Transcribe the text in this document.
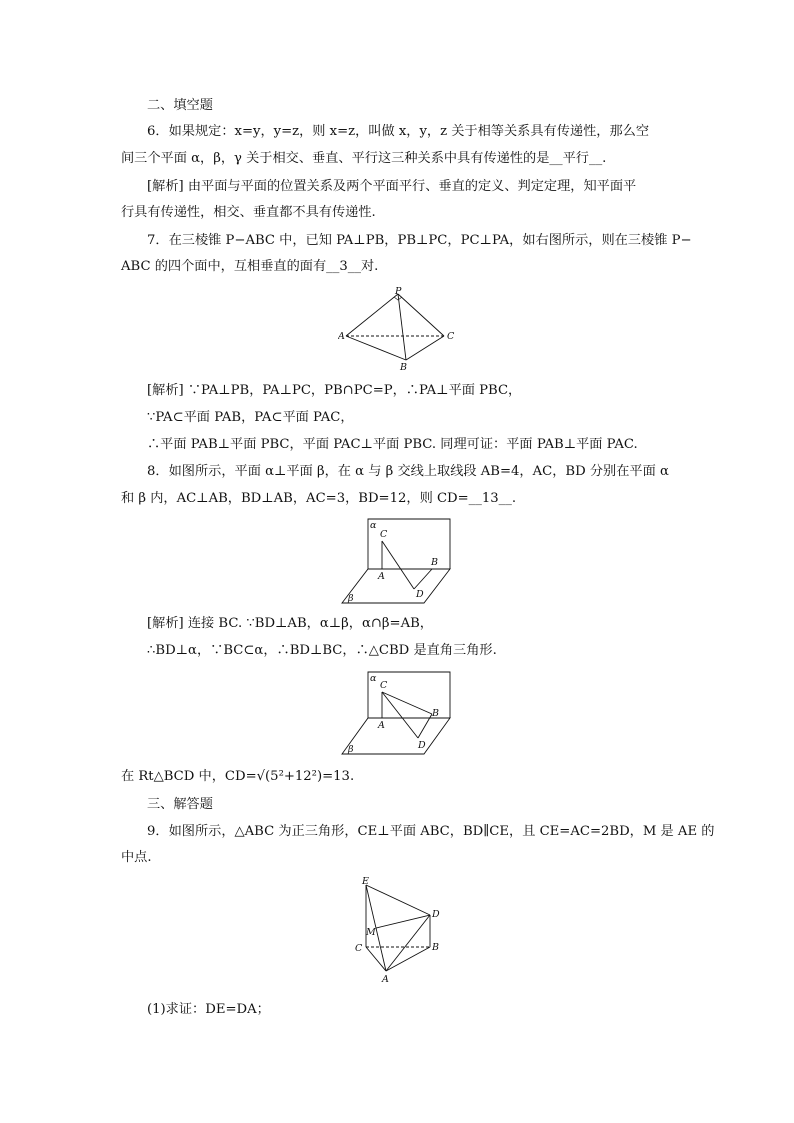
二、填空题
6．如果规定：x=y，y=z，则 x=z，叫做 x，y，z 关于相等关系具有传递性，那么空
间三个平面 α，β，γ 关于相交、垂直、平行这三种关系中具有传递性的是__平行__.
[解析] 由平面与平面的位置关系及两个平面平行、垂直的定义、判定定理，知平面平
行具有传递性，相交、垂直都不具有传递性.
7．在三棱锥 P−ABC 中，已知 PA⊥PB，PB⊥PC，PC⊥PA，如右图所示，则在三棱锥 P−
ABC 的四个面中，互相垂直的面有__3__对.
P
A	C
B
[解析] ∵PA⊥PB，PA⊥PC，PB∩PC=P，∴PA⊥平面 PBC，
∵PA⊂平面 PAB，PA⊂平面 PAC，
∴平面 PAB⊥平面 PBC，平面 PAC⊥平面 PBC. 同理可证：平面 PAB⊥平面 PAC.
8．如图所示，平面 α⊥平面 β，在 α 与 β 交线上取线段 AB=4，AC，BD 分别在平面 α
和 β 内，AC⊥AB，BD⊥AB，AC=3，BD=12，则 CD=__13__.
α
C
B
A
D
β
[解析] 连接 BC. ∵BD⊥AB，α⊥β，α∩β=AB，
∴BD⊥α，∵BC⊂α，∴BD⊥BC，∴△CBD 是直角三角形.
α
C
B
A
D
β
在 Rt△BCD 中，CD=√(5²+12²)=13.
三、解答题
9．如图所示，△ABC 为正三角形，CE⊥平面 ABC，BD∥CE，且 CE=AC=2BD，M 是 AE 的
中点.
E
D
M
C	B
A
(1)求证：DE=DA；
